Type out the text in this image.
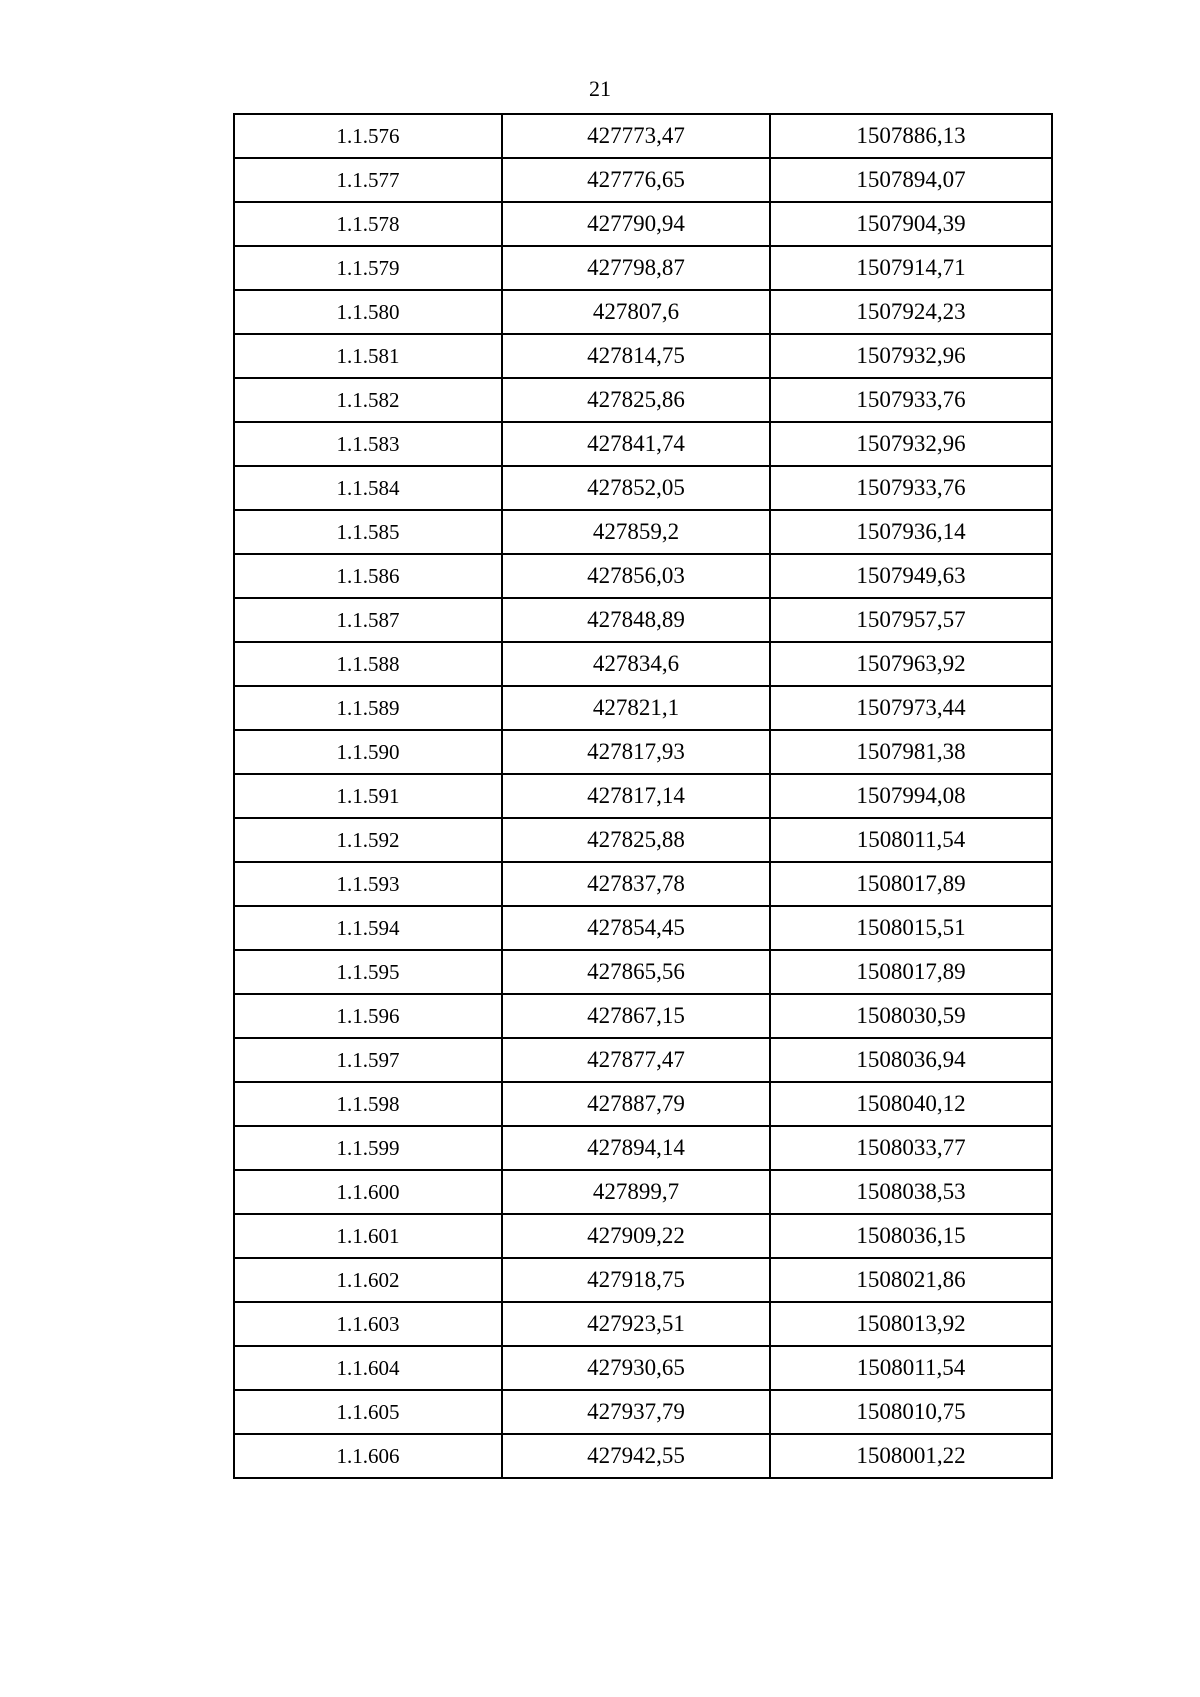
21
1.1.576	427773,47	1507886,13
1.1.577	427776,65	1507894,07
1.1.578	427790,94	1507904,39
1.1.579	427798,87	1507914,71
1.1.580	427807,6	1507924,23
1.1.581	427814,75	1507932,96
1.1.582	427825,86	1507933,76
1.1.583	427841,74	1507932,96
1.1.584	427852,05	1507933,76
1.1.585	427859,2	1507936,14
1.1.586	427856,03	1507949,63
1.1.587	427848,89	1507957,57
1.1.588	427834,6	1507963,92
1.1.589	427821,1	1507973,44
1.1.590	427817,93	1507981,38
1.1.591	427817,14	1507994,08
1.1.592	427825,88	1508011,54
1.1.593	427837,78	1508017,89
1.1.594	427854,45	1508015,51
1.1.595	427865,56	1508017,89
1.1.596	427867,15	1508030,59
1.1.597	427877,47	1508036,94
1.1.598	427887,79	1508040,12
1.1.599	427894,14	1508033,77
1.1.600	427899,7	1508038,53
1.1.601	427909,22	1508036,15
1.1.602	427918,75	1508021,86
1.1.603	427923,51	1508013,92
1.1.604	427930,65	1508011,54
1.1.605	427937,79	1508010,75
1.1.606	427942,55	1508001,22
